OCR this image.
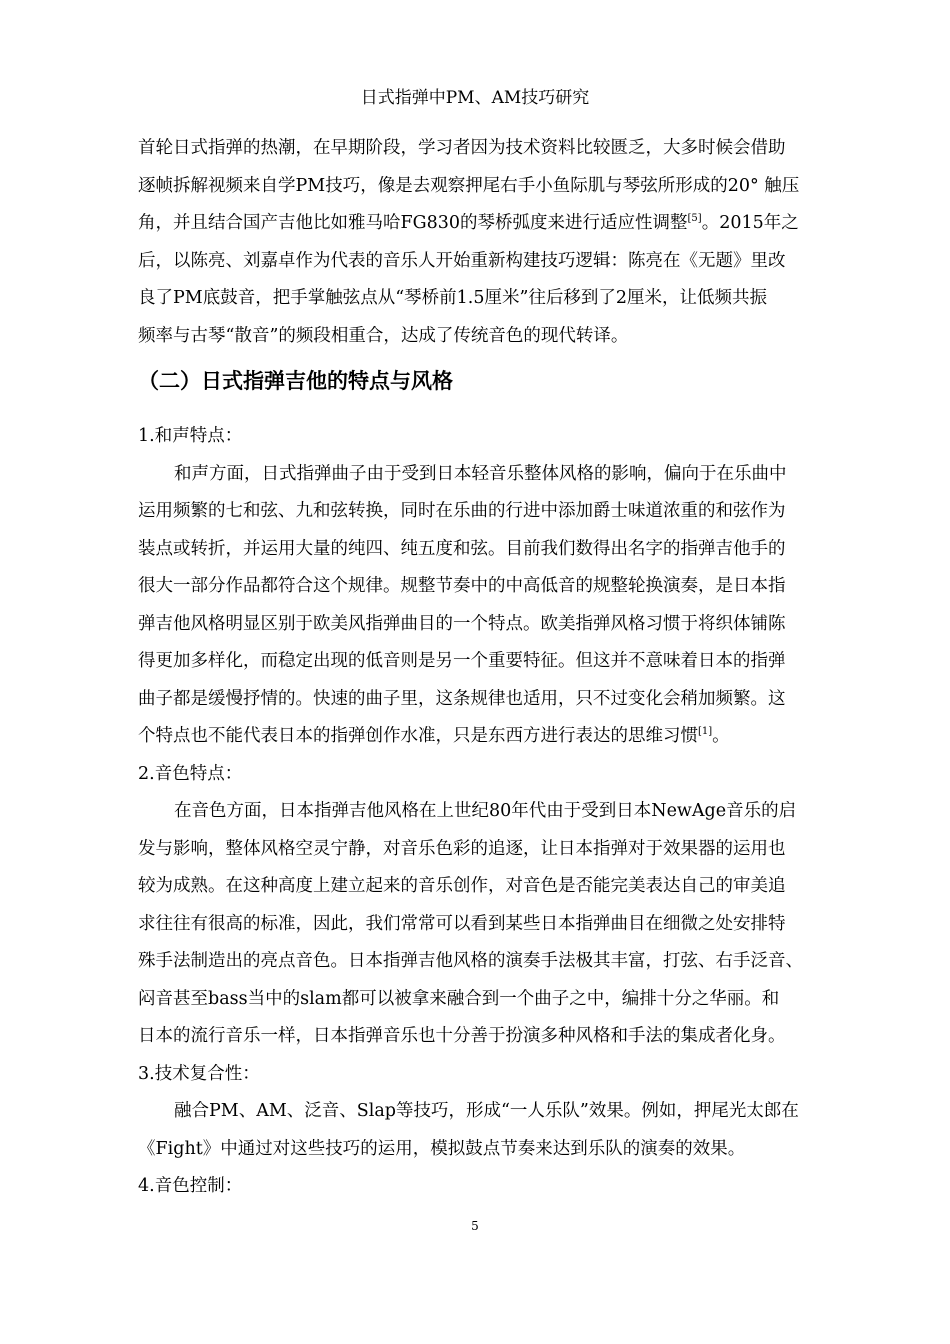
日式指弹中PM、AM技巧研究
首轮日式指弹的热潮，在早期阶段，学习者因为技术资料比较匮乏，大多时候会借助
逐帧拆解视频来自学PM技巧，像是去观察押尾右手小鱼际肌与琴弦所形成的20° 触压
角，并且结合国产吉他比如雅马哈FG830的琴桥弧度来进行适应性调整[5]。2015年之
后，以陈亮、刘嘉卓作为代表的音乐人开始重新构建技巧逻辑：陈亮在《无题》里改
良了PM底鼓音，把手掌触弦点从“琴桥前1.5厘米”往后移到了2厘米，让低频共振
频率与古琴“散音”的频段相重合，达成了传统音色的现代转译。
（二）日式指弹吉他的特点与风格
1.和声特点：
和声方面，日式指弹曲子由于受到日本轻音乐整体风格的影响，偏向于在乐曲中
运用频繁的七和弦、九和弦转换，同时在乐曲的行进中添加爵士味道浓重的和弦作为
装点或转折，并运用大量的纯四、纯五度和弦。目前我们数得出名字的指弹吉他手的
很大一部分作品都符合这个规律。规整节奏中的中高低音的规整轮换演奏，是日本指
弹吉他风格明显区别于欧美风指弹曲目的一个特点。欧美指弹风格习惯于将织体铺陈
得更加多样化，而稳定出现的低音则是另一个重要特征。但这并不意味着日本的指弹
曲子都是缓慢抒情的。快速的曲子里，这条规律也适用，只不过变化会稍加频繁。这
个特点也不能代表日本的指弹创作水准，只是东西方进行表达的思维习惯[1]。
2.音色特点：
在音色方面，日本指弹吉他风格在上世纪80年代由于受到日本NewAge音乐的启
发与影响，整体风格空灵宁静，对音乐色彩的追逐，让日本指弹对于效果器的运用也
较为成熟。在这种高度上建立起来的音乐创作，对音色是否能完美表达自己的审美追
求往往有很高的标准，因此，我们常常可以看到某些日本指弹曲目在细微之处安排特
殊手法制造出的亮点音色。日本指弹吉他风格的演奏手法极其丰富，打弦、右手泛音、
闷音甚至bass当中的slam都可以被拿来融合到一个曲子之中，编排十分之华丽。和
日本的流行音乐一样，日本指弹音乐也十分善于扮演多种风格和手法的集成者化身。
3.技术复合性：
融合PM、AM、泛音、Slap等技巧，形成“一人乐队”效果。例如，押尾光太郎在
《Fight》中通过对这些技巧的运用，模拟鼓点节奏来达到乐队的演奏的效果。
4.音色控制：
5
